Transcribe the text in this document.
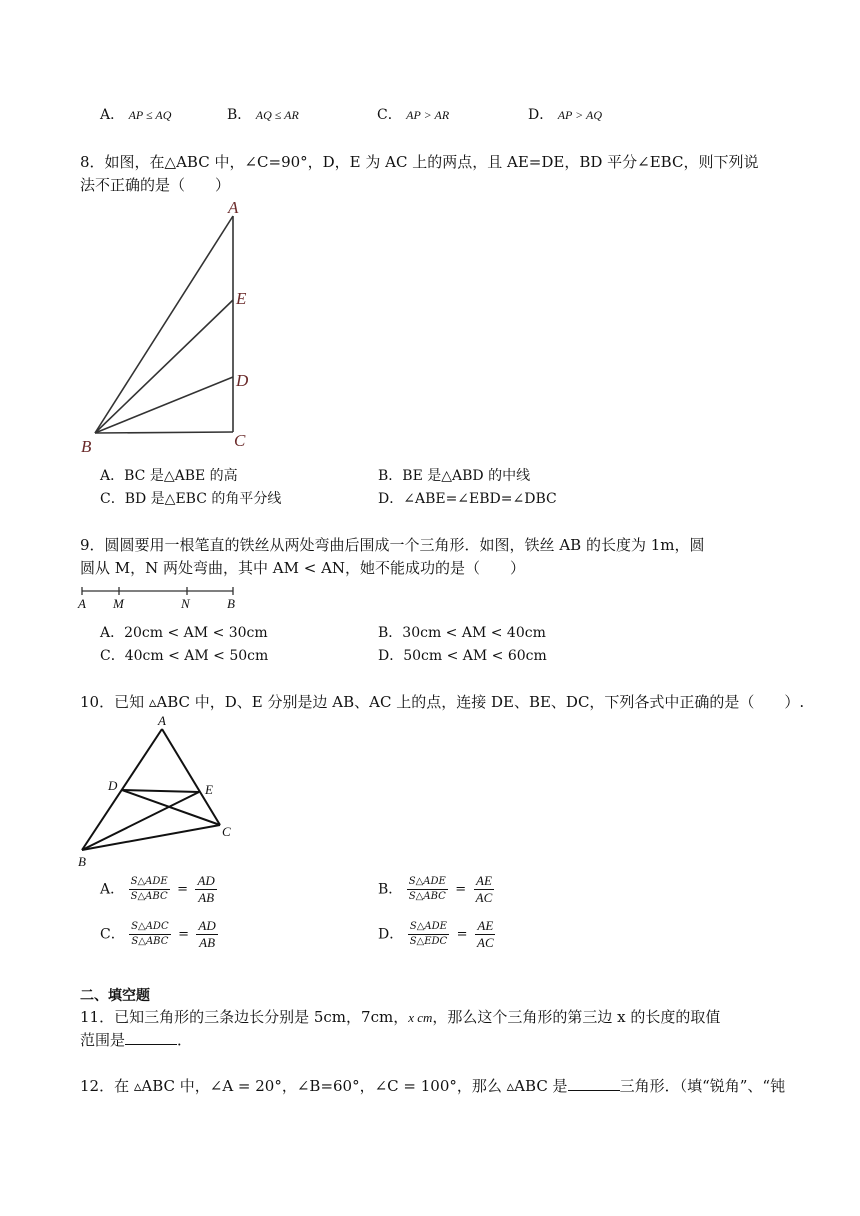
A． AP ≤ AQ	B． AQ ≤ AR	C． AP > AR	D． AP > AQ
8．如图，在△ABC 中，∠C=90°，D，E 为 AC 上的两点，且 AE=DE，BD 平分∠EBC，则下列说
法不正确的是（　　）
A
E
D
B	C
A．BC 是△ABE 的高	B．BE 是△ABD 的中线
C．BD 是△EBC 的角平分线	D．∠ABE=∠EBD=∠DBC
9．圆圆要用一根笔直的铁丝从两处弯曲后围成一个三角形．如图，铁丝 AB 的长度为 1m，圆
圆从 M，N 两处弯曲，其中 AM < AN，她不能成功的是（　　）
A M	N	B
A．20cm < AM < 30cm	B．30cm < AM < 40cm
C．40cm < AM < 50cm	D．50cm < AM < 60cm
10．已知 ▵ABC 中，D、E 分别是边 AB、AC 上的点，连接 DE、BE、DC，下列各式中正确的是（　　）.
A
D	E
B
C
A． $\frac{\text{S△ADE}}{\text{S△ABC}} = \frac{AD}{AB}$	B． $\frac{\text{S△ADE}}{\text{S△ABC}} = \frac{AE}{AC}$
C． $\frac{\text{S△ADC}}{\text{S△ABC}} = \frac{AD}{AB}$	D． $\frac{\text{S△ADE}}{\text{S△EDC}} = \frac{AE}{AC}$
二、填空题
11．已知三角形的三条边长分别是 5cm，7cm，x cm，那么这个三角形的第三边 x 的长度的取值
范围是	．
12．在 ▵ABC 中，∠A = 20°，∠B=60°，∠C = 100°，那么 ▵ABC 是	三角形．（填“锐角”、“钝
